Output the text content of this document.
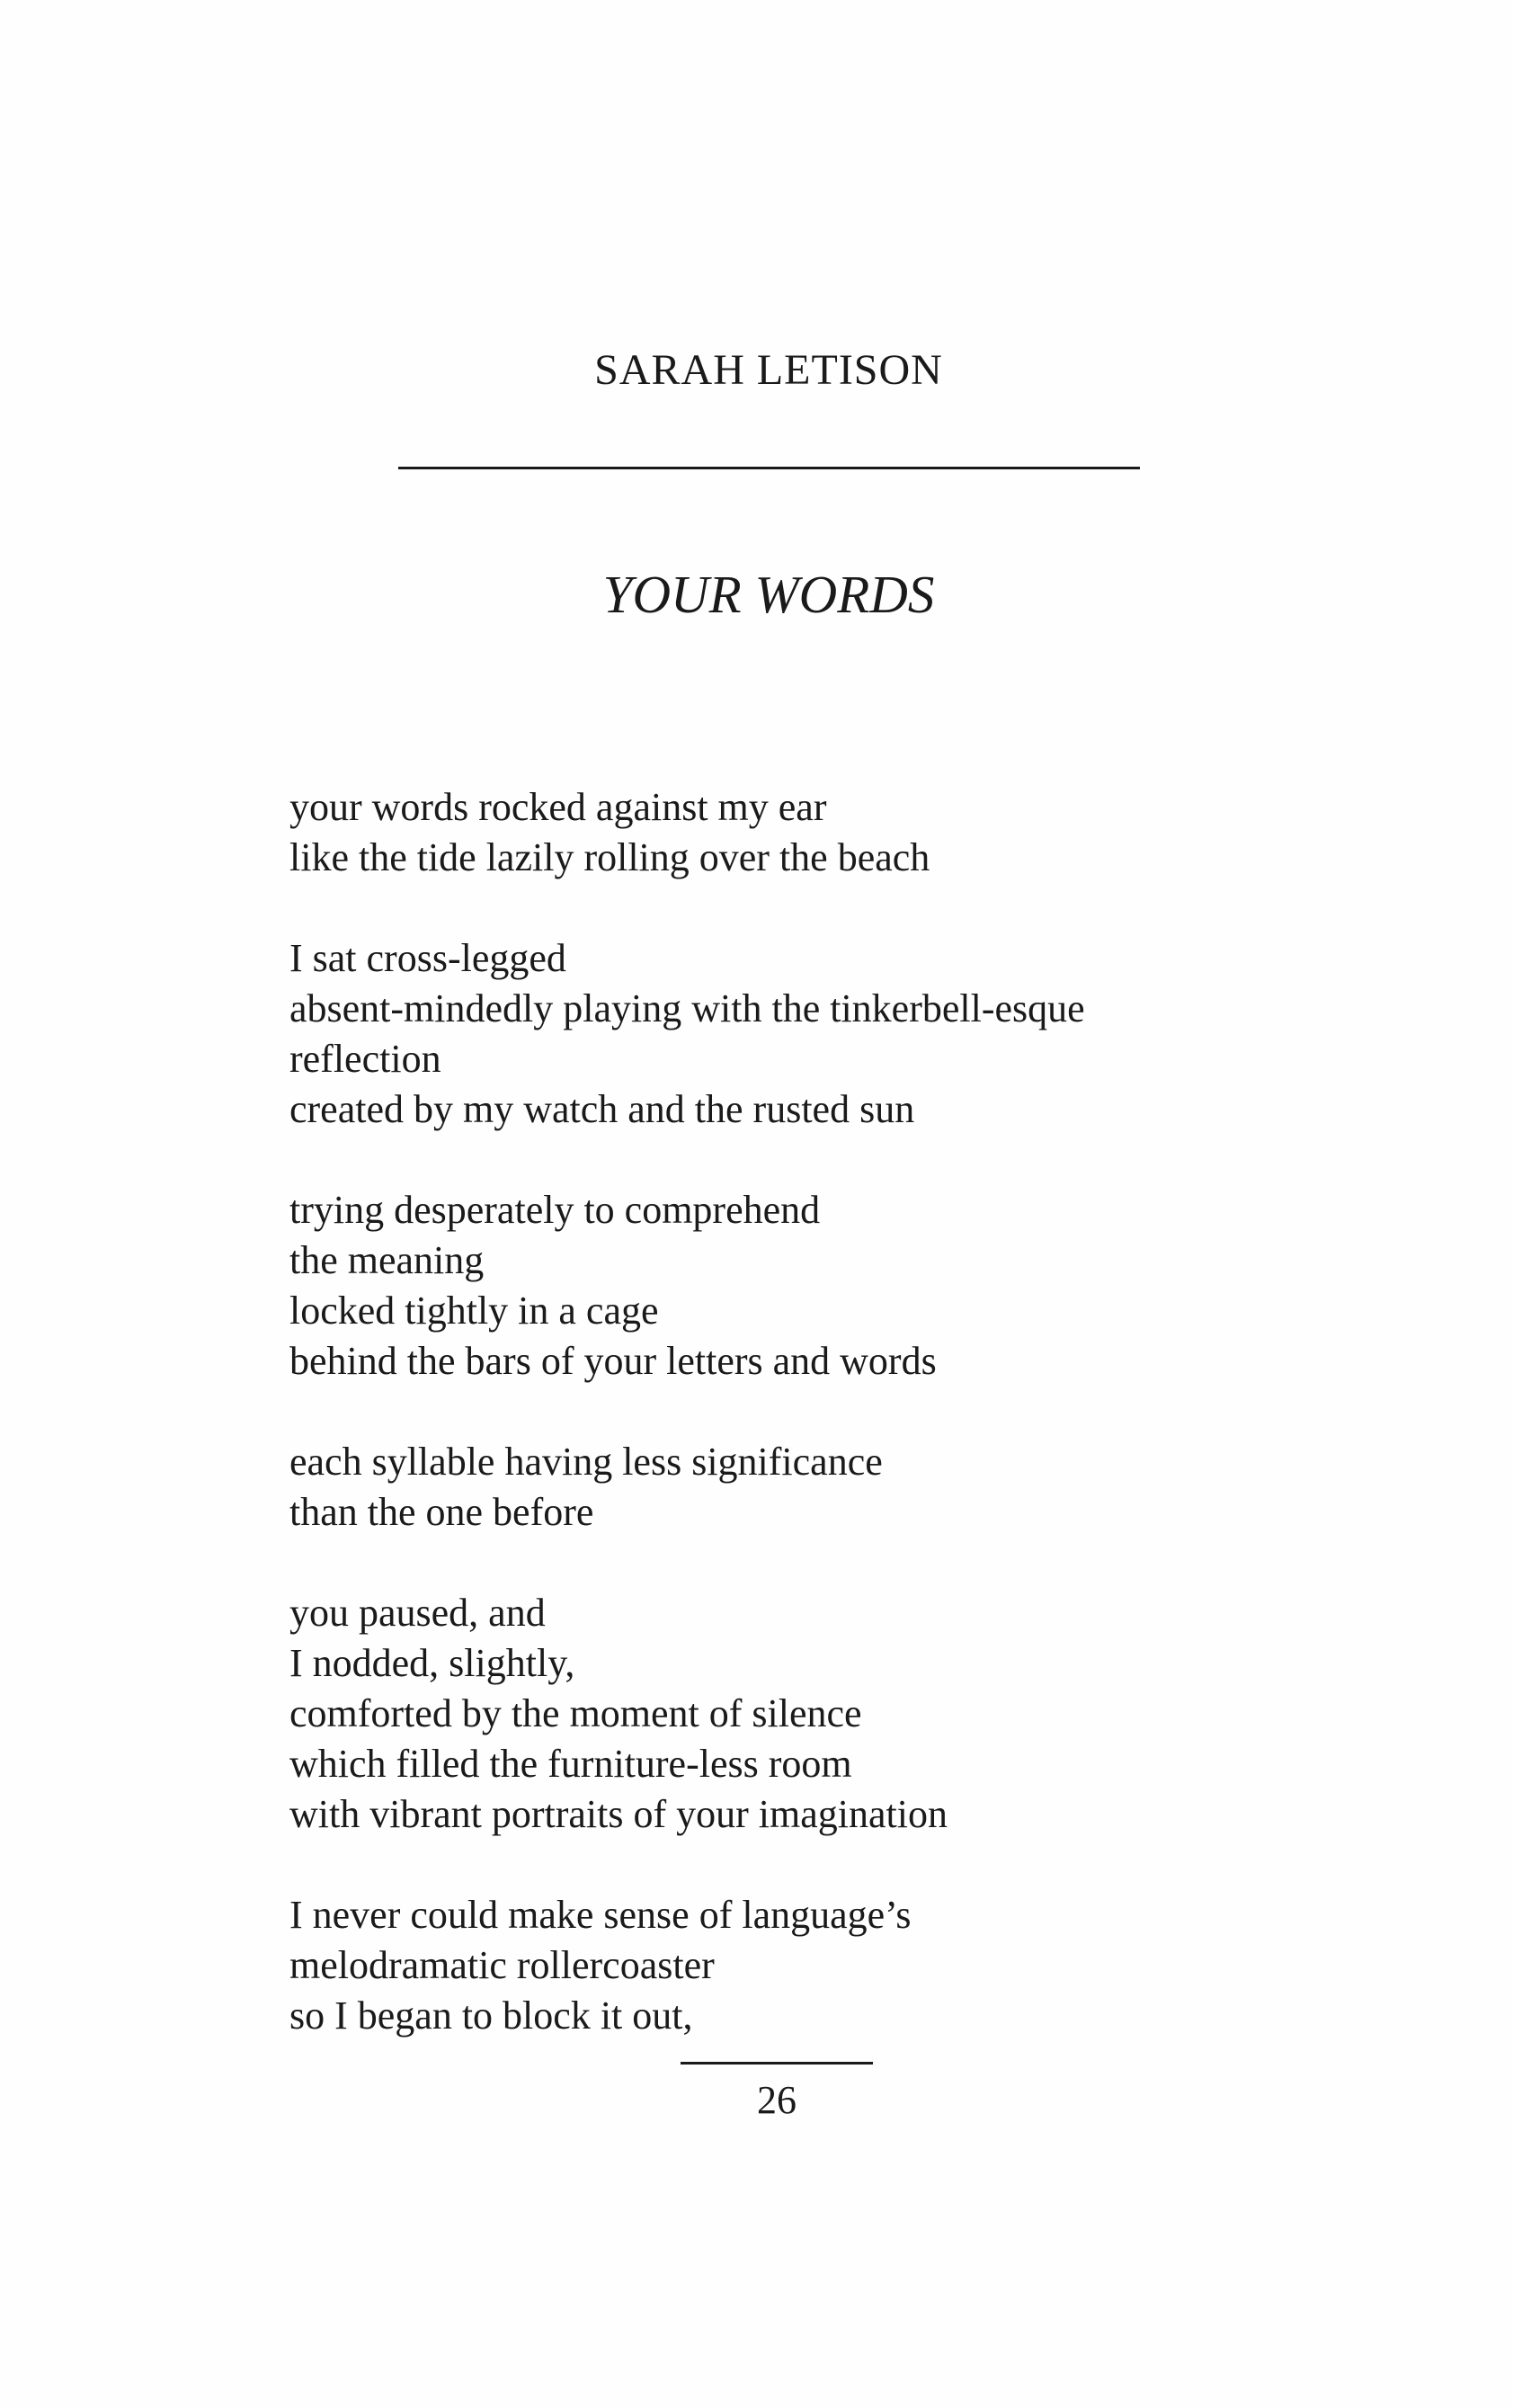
SARAH LETISON
YOUR WORDS
your words rocked against my ear
like the tide lazily rolling over the beach
I sat cross-legged
absent-mindedly playing with the tinkerbell-esque
reflection
created by my watch and the rusted sun
trying desperately to comprehend
the meaning
locked tightly in a cage
behind the bars of your letters and words
each syllable having less significance
than the one before
you paused, and
I nodded, slightly,
comforted by the moment of silence
which filled the furniture-less room
with vibrant portraits of your imagination
I never could make sense of language’s
melodramatic rollercoaster
so I began to block it out,
26
